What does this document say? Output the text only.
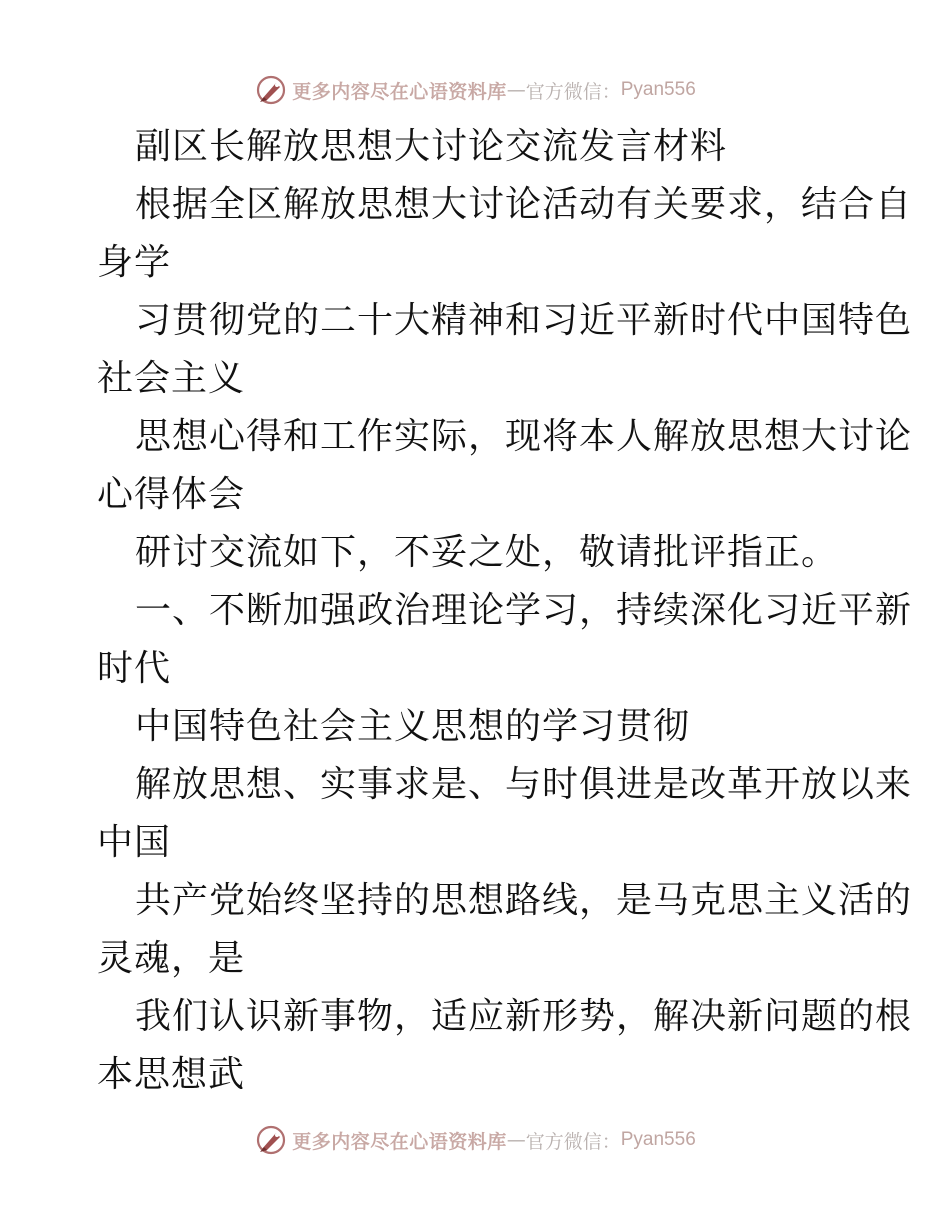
更多内容尽在心语资料库 — 官方微信： Pyan556
副区长解放思想大讨论交流发言材料
根据全区解放思想大讨论活动有关要求，结合自
身学
习贯彻党的二十大精神和习近平新时代中国特色
社会主义
思想心得和工作实际，现将本人解放思想大讨论
心得体会
研讨交流如下，不妥之处，敬请批评指正。
一、不断加强政治理论学习，持续深化习近平新
时代
中国特色社会主义思想的学习贯彻
解放思想、实事求是、与时俱进是改革开放以来
中国
共产党始终坚持的思想路线，是马克思主义活的
灵魂，是
我们认识新事物，适应新形势，解决新问题的根
本思想武
更多内容尽在心语资料库 — 官方微信： Pyan556
